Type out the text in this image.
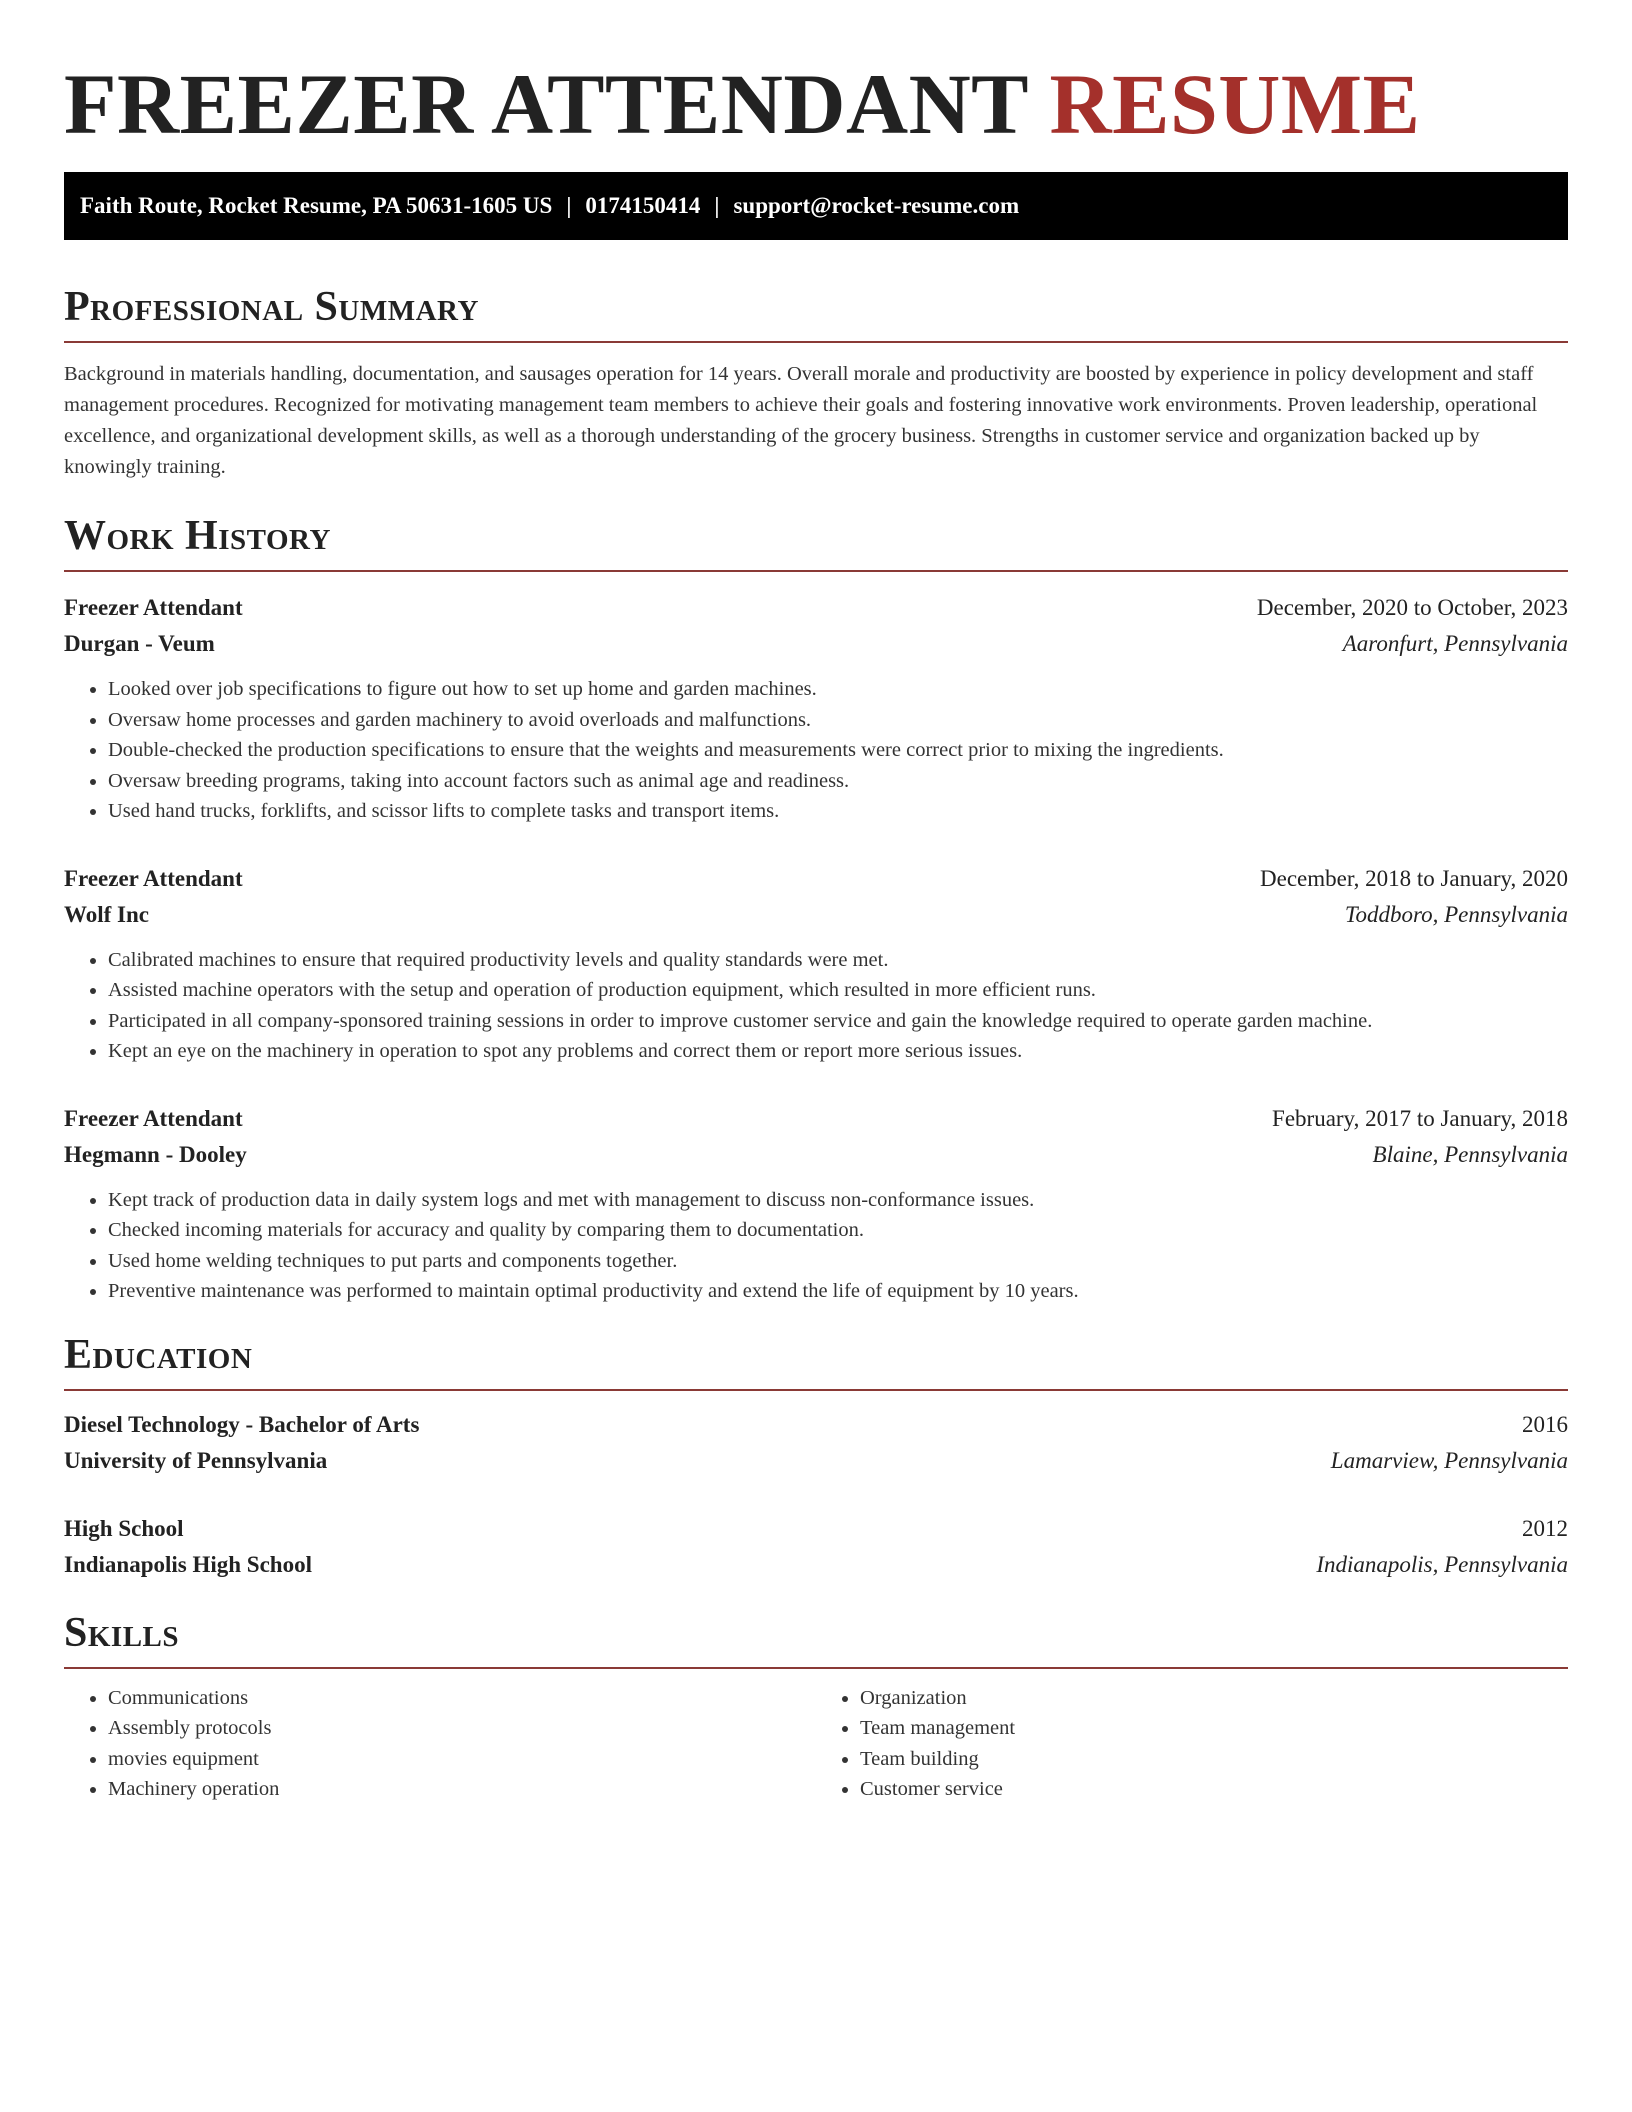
FREEZER ATTENDANT RESUME
Faith Route, Rocket Resume, PA 50631-1605 US | 0174150414 | support@rocket-resume.com
Professional Summary

Background in materials handling, documentation, and sausages operation for 14 years. Overall morale and productivity are boosted by experience in policy development and staff management procedures. Recognized for motivating management team members to achieve their goals and fostering innovative work environments. Proven leadership, operational excellence, and organizational development skills, as well as a thorough understanding of the grocery business. Strengths in customer service and organization backed up by knowingly training.

Work History
Freezer Attendant	December, 2020 to October, 2023
Durgan - Veum	Aaronfurt, Pennsylvania
• Looked over job specifications to figure out how to set up home and garden machines.
• Oversaw home processes and garden machinery to avoid overloads and malfunctions.
• Double-checked the production specifications to ensure that the weights and measurements were correct prior to mixing the ingredients.
• Oversaw breeding programs, taking into account factors such as animal age and readiness.
• Used hand trucks, forklifts, and scissor lifts to complete tasks and transport items.
Freezer Attendant	December, 2018 to January, 2020
Wolf Inc	Toddboro, Pennsylvania
• Calibrated machines to ensure that required productivity levels and quality standards were met.
• Assisted machine operators with the setup and operation of production equipment, which resulted in more efficient runs.
• Participated in all company-sponsored training sessions in order to improve customer service and gain the knowledge required to operate garden machine.
• Kept an eye on the machinery in operation to spot any problems and correct them or report more serious issues.
Freezer Attendant	February, 2017 to January, 2018
Hegmann - Dooley	Blaine, Pennsylvania
• Kept track of production data in daily system logs and met with management to discuss non-conformance issues.
• Checked incoming materials for accuracy and quality by comparing them to documentation.
• Used home welding techniques to put parts and components together.
• Preventive maintenance was performed to maintain optimal productivity and extend the life of equipment by 10 years.
Education
Diesel Technology - Bachelor of Arts	2016
University of Pennsylvania	Lamarview, Pennsylvania
High School	2012
Indianapolis High School	Indianapolis, Pennsylvania
Skills
• Communications
• Assembly protocols
• movies equipment
• Machinery operation
• Organization
• Team management
• Team building
• Customer service
